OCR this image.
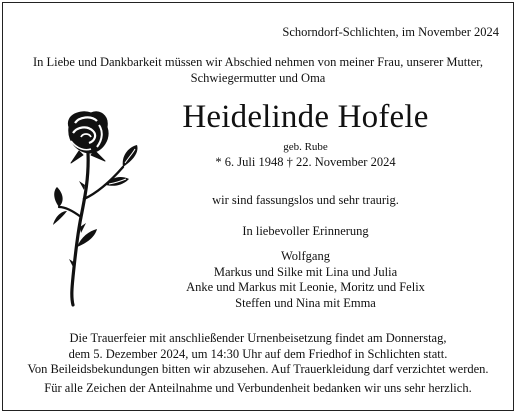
Schorndorf-Schlichten, im November 2024
In Liebe und Dankbarkeit müssen wir Abschied nehmen von meiner Frau, unserer Mutter,
Schwiegermutter und Oma
Heidelinde Hofele
geb. Rube
* 6. Juli 1948 † 22. November 2024
wir sind fassungslos und sehr traurig.
In liebevoller Erinnerung
Wolfgang
Markus und Silke mit Lina und Julia
Anke und Markus mit Leonie, Moritz und Felix
Steffen und Nina mit Emma
Die Trauerfeier mit anschließender Urnenbeisetzung findet am Donnerstag,
dem 5. Dezember 2024, um 14:30 Uhr auf dem Friedhof in Schlichten statt.
Von Beileidsbekundungen bitten wir abzusehen. Auf Trauerkleidung darf verzichtet werden.
Für alle Zeichen der Anteilnahme und Verbundenheit bedanken wir uns sehr herzlich.
